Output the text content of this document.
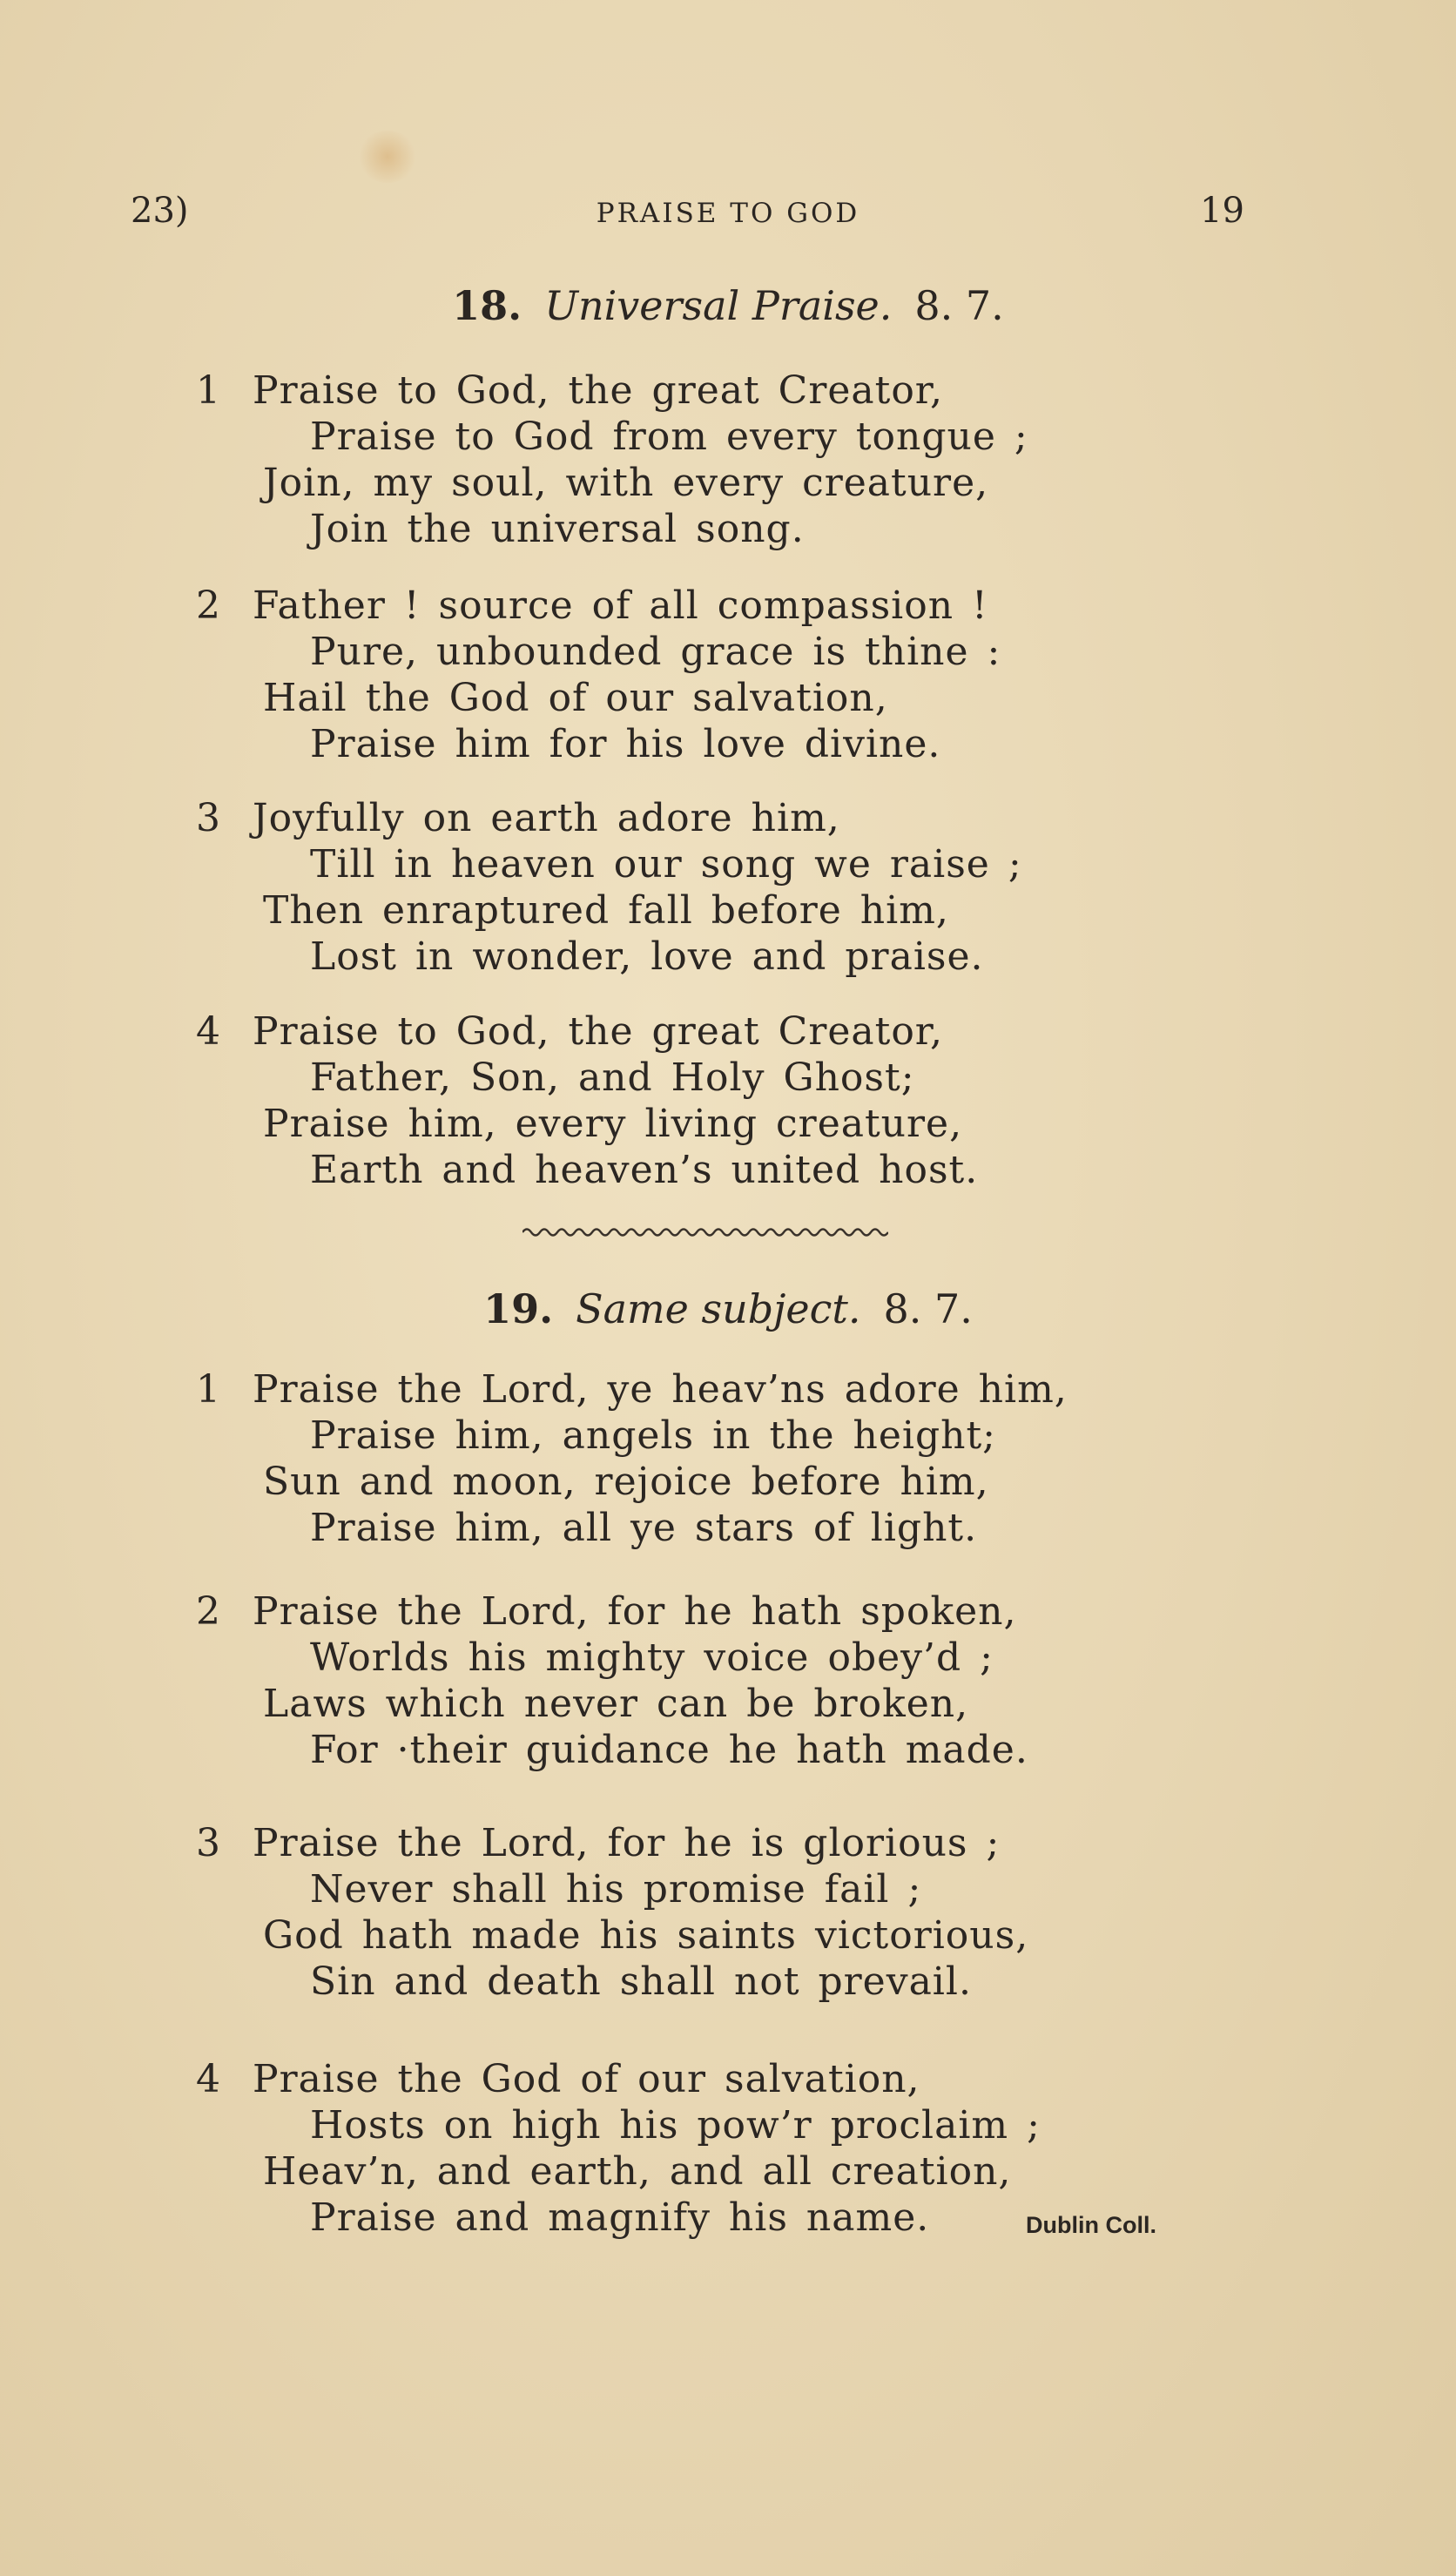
23)	PRAISE TO GOD	19
18. Universal Praise. 8. 7.
1 Praise to God, the great Creator,
Praise to God from every tongue ;
Join, my soul, with every creature,
Join the universal song.
2 Father ! source of all compassion !
Pure, unbounded grace is thine :
Hail the God of our salvation,
Praise him for his love divine.
3 Joyfully on earth adore him,
Till in heaven our song we raise ;
Then enraptured fall before him,
Lost in wonder, love and praise.
4 Praise to God, the great Creator,
Father, Son, and Holy Ghost;
Praise him, every living creature,
Earth and heaven’s united host.
19. Same subject. 8. 7.
1 Praise the Lord, ye heav’ns adore him,
Praise him, angels in the height;
Sun and moon, rejoice before him,
Praise him, all ye stars of light.
2 Praise the Lord, for he hath spoken,
Worlds his mighty voice obey’d ;
Laws which never can be broken,
For ·their guidance he hath made.
3 Praise the Lord, for he is glorious ;
Never shall his promise fail ;
God hath made his saints victorious,
Sin and death shall not prevail.
4 Praise the God of our salvation,
Hosts on high his pow’r proclaim ;
Heav’n, and earth, and all creation,
Praise and magnify his name.	Dublin Coll.
